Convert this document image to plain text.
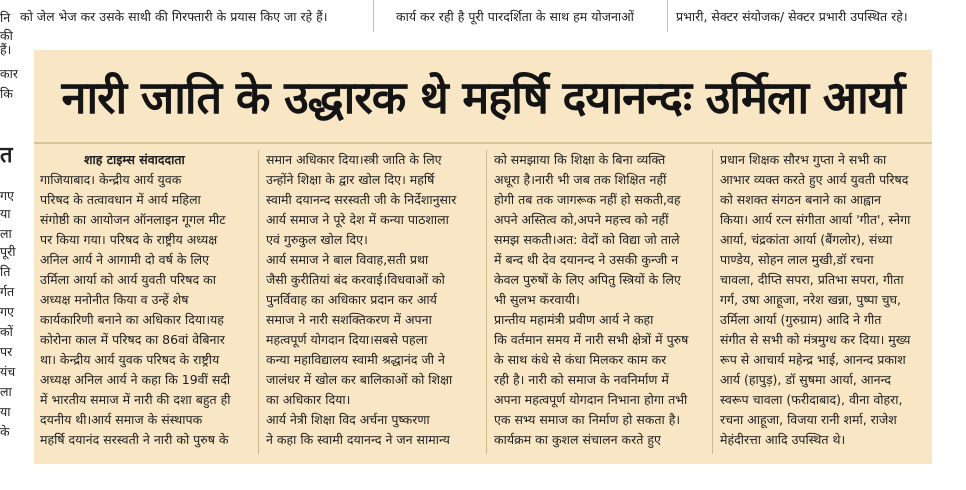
को जेल भेज कर उसके साथी की गिरफ्तारी के प्रयास किए जा रहे हैं।	कार्य कर रही है पूरी पारदर्शिता के साथ हम योजनाओं	प्रभारी, सेक्टर संयोजक/ सेक्टर प्रभारी उपस्थित रहे।
नि
की
हैं।
कार
कि
त
गए
या
ला
पूरी
ति
र्गत
गए
कों
पर
यंच
ला
या
के
नारी जाति के उद्धारक थे महर्षि दयानन्दः उर्मिला आर्या
शाह टाइम्स संवाददाता
गाजियाबाद। केन्द्रीय आर्य युवक
परिषद के तत्वावधान में आर्य महिला
संगोष्ठी का आयोजन ऑनलाइन गूगल मीट
पर किया गया। परिषद के राष्ट्रीय अध्यक्ष
अनिल आर्य ने आगामी दो वर्ष के लिए
उर्मिला आर्या को आर्य युवती परिषद का
अध्यक्ष मनोनीत किया व उन्हें शेष
कार्यकारिणी बनाने का अधिकार दिया।यह
कोरोना काल में परिषद का 86वां वेबिनार
था। केन्द्रीय आर्य युवक परिषद के राष्ट्रीय
अध्यक्ष अनिल आर्य ने कहा कि 19वीं सदी
में भारतीय समाज में नारी की दशा बहुत ही
दयनीय थी।आर्य समाज के संस्थापक
महर्षि दयानंद सरस्वती ने नारी को पुरुष के
समान अधिकार दिया।स्त्री जाति के लिए
उन्होंने शिक्षा के द्वार खोल दिए। महर्षि
स्वामी दयानन्द सरस्वती जी के निर्देशानुसार
आर्य समाज ने पूरे देश में कन्या पाठशाला
एवं गुरुकुल खोल दिए।
आर्य समाज ने बाल विवाह,सती प्रथा
जैसी कुरीतियां बंद करवाई।विधवाओं को
पुनर्विवाह का अधिकार प्रदान कर आर्य
समाज ने नारी सशक्तिकरण में अपना
महत्वपूर्ण योगदान दिया।सबसे पहला
कन्या महाविद्यालय स्वामी श्रद्धानंद जी ने
जालंधर में खोल कर बालिकाओं को शिक्षा
का अधिकार दिया।
आर्य नेत्री शिक्षा विद अर्चना पुष्करणा
ने कहा कि स्वामी दयानन्द ने जन सामान्य
को समझाया कि शिक्षा के बिना व्यक्ति
अधूरा है।नारी भी जब तक शिक्षित नहीं
होगी तब तक जागरूक नहीं हो सकती,वह
अपने अस्तित्व को,अपने महत्त्व को नहीं
समझ सकती।अत: वेदों को विद्या जो ताले
में बन्द थी देव दयानन्द ने उसकी कुन्जी न
केवल पुरुषों के लिए अपितु स्त्रियों के लिए
भी सुलभ करवायी।
प्रान्तीय महामंत्री प्रवीण आर्य ने कहा
कि वर्तमान समय में नारी सभी क्षेत्रों में पुरुष
के साथ कंधे से कंधा मिलकर काम कर
रही है। नारी को समाज के नवनिर्माण में
अपना महत्वपूर्ण योगदान निभाना होगा तभी
एक सभ्य समाज का निर्माण हो सकता है।
कार्यक्रम का कुशल संचालन करते हुए
प्रधान शिक्षक सौरभ गुप्ता ने सभी का
आभार व्यक्त करते हुए आर्य युवती परिषद
को सशक्त संगठन बनाने का आह्वान
किया। आर्य रत्न संगीता आर्या 'गीत', स्नेगा
आर्या, चंद्रकांता आर्या (बैंगलोर), संध्या
पाण्डेय, सोहन लाल मुखी,डॉ रचना
चावला, दीप्ति सपरा, प्रतिभा सपरा, गीता
गर्ग, उषा आहूजा, नरेश खन्ना, पुष्पा चुघ,
उर्मिला आर्या (गुरुग्राम) आदि ने गीत
संगीत से सभी को मंत्रमुग्ध कर दिया। मुख्य
रूप से आचार्य महेन्द्र भाई, आनन्द प्रकाश
आर्य (हापुड़), डॉ सुषमा आर्या, आनन्द
स्वरूप चावला (फरीदाबाद), वीना वोहरा,
रचना आहूजा, विजया रानी शर्मा, राजेश
मेहंदीरत्ता आदि उपस्थित थे।
